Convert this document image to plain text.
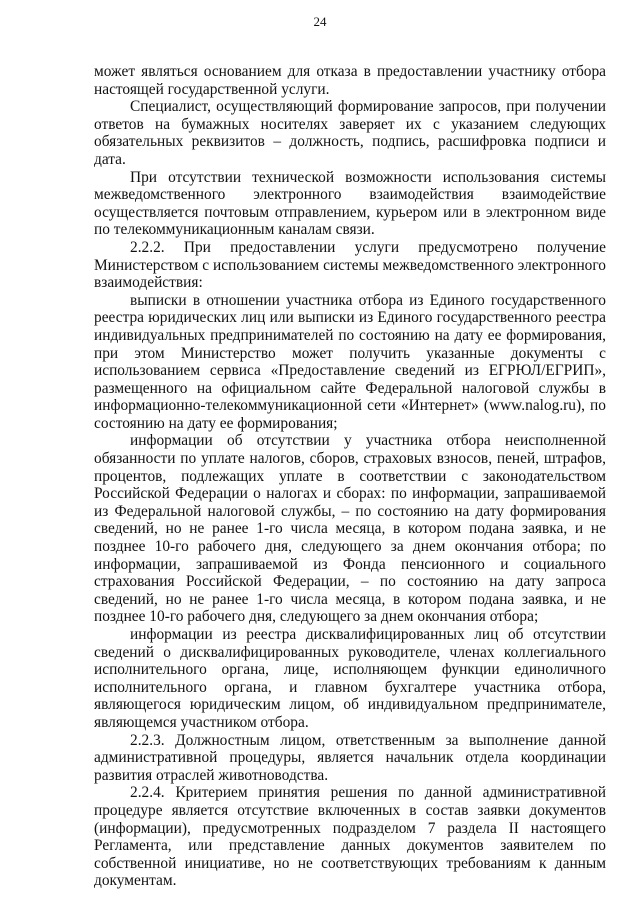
24

может являться основанием для отказа в предоставлении участнику отбора настоящей государственной услуги.

Специалист, осуществляющий формирование запросов, при получении ответов на бумажных носителях заверяет их с указанием следующих обязательных реквизитов – должность, подпись, расшифровка подписи и дата.

При отсутствии технической возможности использования системы межведомственного электронного взаимодействия взаимодействие осуществляется почтовым отправлением, курьером или в электронном виде по телекоммуникационным каналам связи.

2.2.2. При предоставлении услуги предусмотрено получение Министерством с использованием системы межведомственного электронного взаимодействия:

выписки в отношении участника отбора из Единого государственного реестра юридических лиц или выписки из Единого государственного реестра индивидуальных предпринимателей по состоянию на дату ее формирования, при этом Министерство может получить указанные документы с использованием сервиса «Предоставление сведений из ЕГРЮЛ/ЕГРИП», размещенного на официальном сайте Федеральной налоговой службы в информационно-телекоммуникационной сети «Интернет» (www.nalog.ru), по состоянию на дату ее формирования;

информации об отсутствии у участника отбора неисполненной обязанности по уплате налогов, сборов, страховых взносов, пеней, штрафов, процентов, подлежащих уплате в соответствии с законодательством Российской Федерации о налогах и сборах: по информации, запрашиваемой из Федеральной налоговой службы, – по состоянию на дату формирования сведений, но не ранее 1-го числа месяца, в котором подана заявка, и не позднее 10-го рабочего дня, следующего за днем окончания отбора; по информации, запрашиваемой из Фонда пенсионного и социального страхования Российской Федерации, – по состоянию на дату запроса сведений, но не ранее 1-го числа месяца, в котором подана заявка, и не позднее 10-го рабочего дня, следующего за днем окончания отбора;

информации из реестра дисквалифицированных лиц об отсутствии сведений о дисквалифицированных руководителе, членах коллегиального исполнительного органа, лице, исполняющем функции единоличного исполнительного органа, и главном бухгалтере участника отбора, являющегося юридическим лицом, об индивидуальном предпринимателе, являющемся участником отбора.

2.2.3. Должностным лицом, ответственным за выполнение данной административной процедуры, является начальник отдела координации развития отраслей животноводства.

2.2.4. Критерием принятия решения по данной административной процедуре является отсутствие включенных в состав заявки документов (информации), предусмотренных подразделом 7 раздела II настоящего Регламента, или представление данных документов заявителем по собственной инициативе, но не соответствующих требованиям к данным документам.
